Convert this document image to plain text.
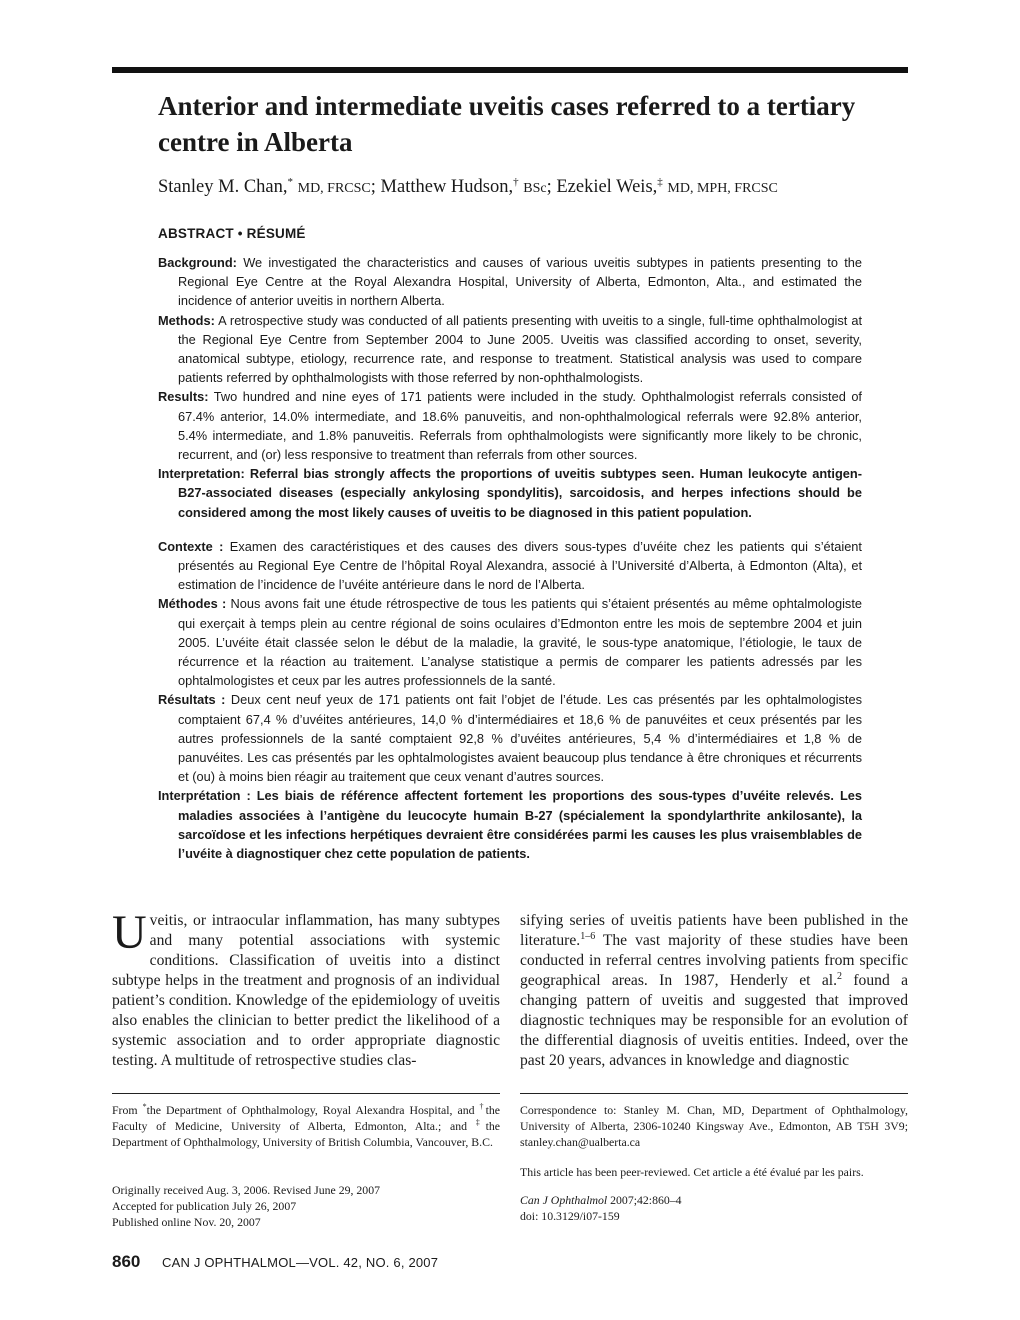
Anterior and intermediate uveitis cases referred to a tertiary centre in Alberta
Stanley M. Chan,* MD, FRCSC; Matthew Hudson,† BSc; Ezekiel Weis,‡ MD, MPH, FRCSC
ABSTRACT • RÉSUMÉ

Background: We investigated the characteristics and causes of various uveitis subtypes in patients presenting to the Regional Eye Centre at the Royal Alexandra Hospital, University of Alberta, Edmonton, Alta., and estimated the incidence of anterior uveitis in northern Alberta.

Methods: A retrospective study was conducted of all patients presenting with uveitis to a single, full-time ophthalmologist at the Regional Eye Centre from September 2004 to June 2005. Uveitis was classified according to onset, severity, anatomical subtype, etiology, recurrence rate, and response to treatment. Statistical analysis was used to compare patients referred by ophthalmologists with those referred by non-ophthalmologists.

Results: Two hundred and nine eyes of 171 patients were included in the study. Ophthalmologist referrals consisted of 67.4% anterior, 14.0% intermediate, and 18.6% panuveitis, and non-ophthalmological referrals were 92.8% anterior, 5.4% intermediate, and 1.8% panuveitis. Referrals from ophthalmologists were significantly more likely to be chronic, recurrent, and (or) less responsive to treatment than referrals from other sources.

Interpretation: Referral bias strongly affects the proportions of uveitis subtypes seen. Human leukocyte antigen-B27-associated diseases (especially ankylosing spondylitis), sarcoidosis, and herpes infections should be considered among the most likely causes of uveitis to be diagnosed in this patient population.

Contexte : Examen des caractéristiques et des causes des divers sous-types d’uvéite chez les patients qui s’étaient présentés au Regional Eye Centre de l’hôpital Royal Alexandra, associé à l’Université d’Alberta, à Edmonton (Alta), et estimation de l’incidence de l’uvéite antérieure dans le nord de l’Alberta.

Méthodes : Nous avons fait une étude rétrospective de tous les patients qui s’étaient présentés au même ophtalmologiste qui exerçait à temps plein au centre régional de soins oculaires d’Edmonton entre les mois de septembre 2004 et juin 2005. L’uvéite était classée selon le début de la maladie, la gravité, le sous-type anatomique, l’étiologie, le taux de récurrence et la réaction au traitement. L’analyse statistique a permis de comparer les patients adressés par les ophtalmologistes et ceux par les autres professionnels de la santé.

Résultats : Deux cent neuf yeux de 171 patients ont fait l’objet de l’étude. Les cas présentés par les ophtalmologistes comptaient 67,4 % d’uvéites antérieures, 14,0 % d’intermédiaires et 18,6 % de panuvéites et ceux présentés par les autres professionnels de la santé comptaient 92,8 % d’uvéites antérieures, 5,4 % d’intermédiaires et 1,8 % de panuvéites. Les cas présentés par les ophtalmologistes avaient beaucoup plus tendance à être chroniques et récurrents et (ou) à moins bien réagir au traitement que ceux venant d’autres sources.

Interprétation : Les biais de référence affectent fortement les proportions des sous-types d’uvéite relevés. Les maladies associées à l’antigène du leucocyte humain B-27 (spécialement la spondylarthrite ankilosante), la sarcoïdose et les infections herpétiques devraient être considérées parmi les causes les plus vraisemblables de l’uvéite à diagnostiquer chez cette population de patients.

Uveitis, or intraocular inflammation, has many subtypes and many potential associations with systemic conditions. Classification of uveitis into a distinct subtype helps in the treatment and prognosis of an individual patient’s condition. Knowledge of the epidemiology of uveitis also enables the clinician to better predict the likelihood of a systemic association and to order appropriate diagnostic testing. A multitude of retrospective studies clas-

sifying series of uveitis patients have been published in the literature.$^{1-6}$ The vast majority of these studies have been conducted in referral centres involving patients from specific geographical areas. In 1987, Henderly et al.$^2$ found a changing pattern of uveitis and suggested that improved diagnostic techniques may be responsible for an evolution of the differential diagnosis of uveitis entities. Indeed, over the past 20 years, advances in knowledge and diagnostic

From *the Department of Ophthalmology, Royal Alexandra Hospital, and †the Faculty of Medicine, University of Alberta, Edmonton, Alta.; and ‡the Department of Ophthalmology, University of British Columbia, Vancouver, B.C.

Originally received Aug. 3, 2006. Revised June 29, 2007
Accepted for publication July 26, 2007
Published online Nov. 20, 2007

Correspondence to: Stanley M. Chan, MD, Department of Ophthalmology, University of Alberta, 2306-10240 Kingsway Ave., Edmonton, AB T5H 3V9; stanley.chan@ualberta.ca

This article has been peer-reviewed. Cet article a été évalué par les pairs.

Can J Ophthalmol 2007;42:860–4
doi: 10.3129/i07-159

860 CAN J OPHTHALMOL—VOL. 42, NO. 6, 2007
